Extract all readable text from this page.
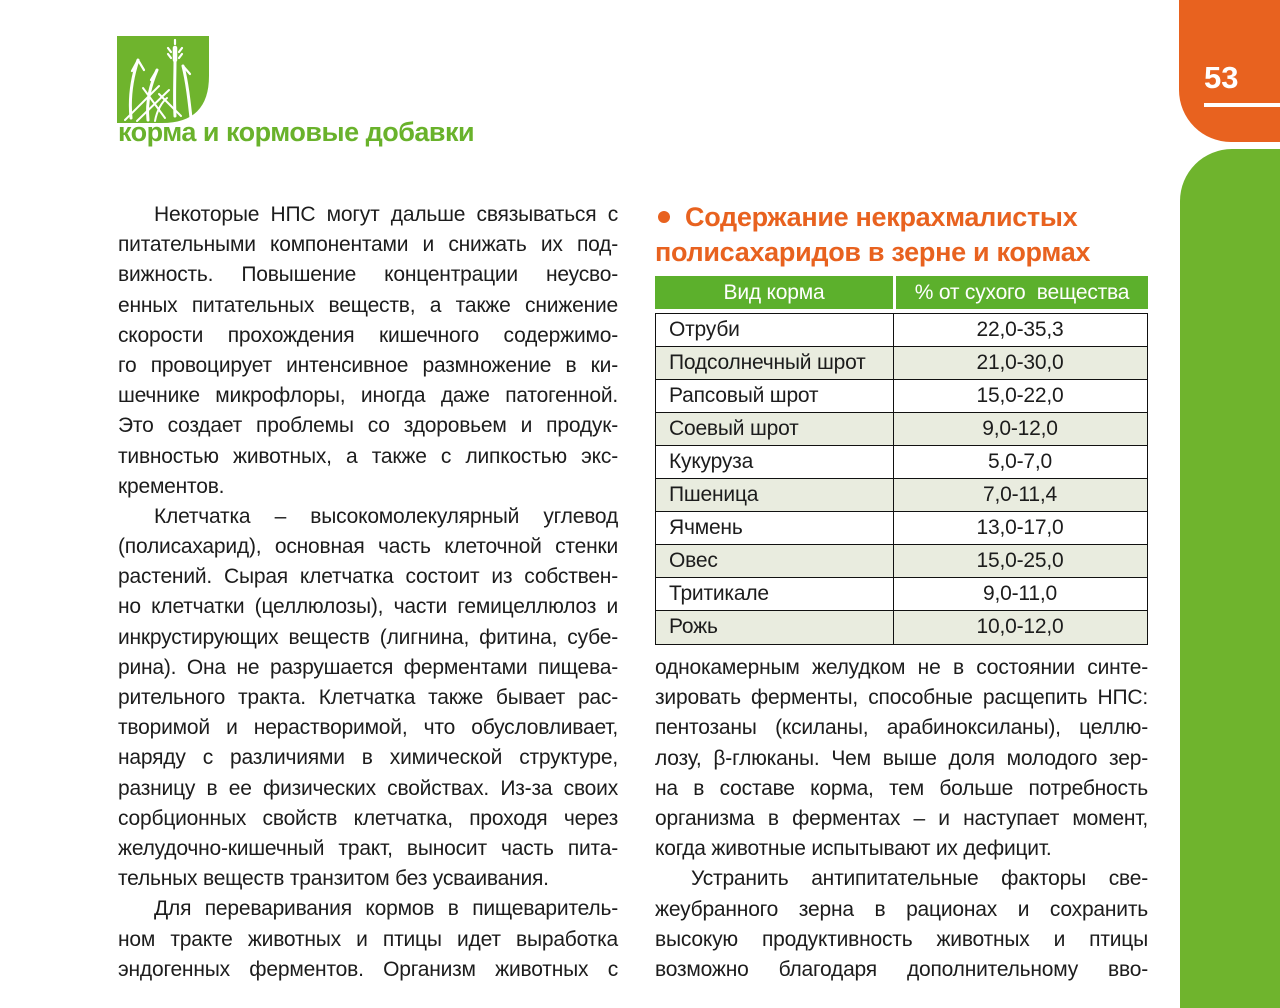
53
корма и кормовые добавки
Некоторые НПС могут дальше связываться с
питательными компонентами и снижать их под-
вижность. Повышение концентрации неусво-
енных питательных веществ, а также снижение
скорости прохождения кишечного содержимо-
го провоцирует интенсивное размножение в ки-
шечнике микрофлоры, иногда даже патогенной.
Это создает проблемы со здоровьем и продук-
тивностью животных, а также с липкостью экс-
крементов.
Клетчатка – высокомолекулярный углевод
(полисахарид), основная часть клеточной стенки
растений. Сырая клетчатка состоит из собствен-
но клетчатки (целлюлозы), части гемицеллюлоз и
инкрустирующих веществ (лигнина, фитина, субе-
рина). Она не разрушается ферментами пищева-
рительного тракта. Клетчатка также бывает рас-
творимой и нерастворимой, что обусловливает,
наряду с различиями в химической структуре,
разницу в ее физических свойствах. Из-за своих
сорбционных свойств клетчатка, проходя через
желудочно-кишечный тракт, выносит часть пита-
тельных веществ транзитом без усваивания.
Для переваривания кормов в пищеваритель-
ном тракте животных и птицы идет выработка
эндогенных ферментов. Организм животных с
Содержание некрахмалистых
полисахаридов в зерне и кормах
Вид корма	% от сухого  вещества
Отруби	22,0-35,3
Подсолнечный шрот	21,0-30,0
Рапсовый шрот	15,0-22,0
Соевый шрот	9,0-12,0
Кукуруза	5,0-7,0
Пшеница	7,0-11,4
Ячмень	13,0-17,0
Овес	15,0-25,0
Тритикале	9,0-11,0
Рожь	10,0-12,0
однокамерным желудком не в состоянии синте-
зировать ферменты, способные расщепить НПС:
пентозаны (ксиланы, арабиноксиланы), целлю-
лозу, β-глюканы. Чем выше доля молодого зер-
на в составе корма, тем больше потребность
организма в ферментах – и наступает момент,
когда животные испытывают их дефицит.
Устранить антипитательные факторы све-
жеубранного зерна в рационах и сохранить
высокую продуктивность животных и птицы
возможно благодаря дополнительному вво-
